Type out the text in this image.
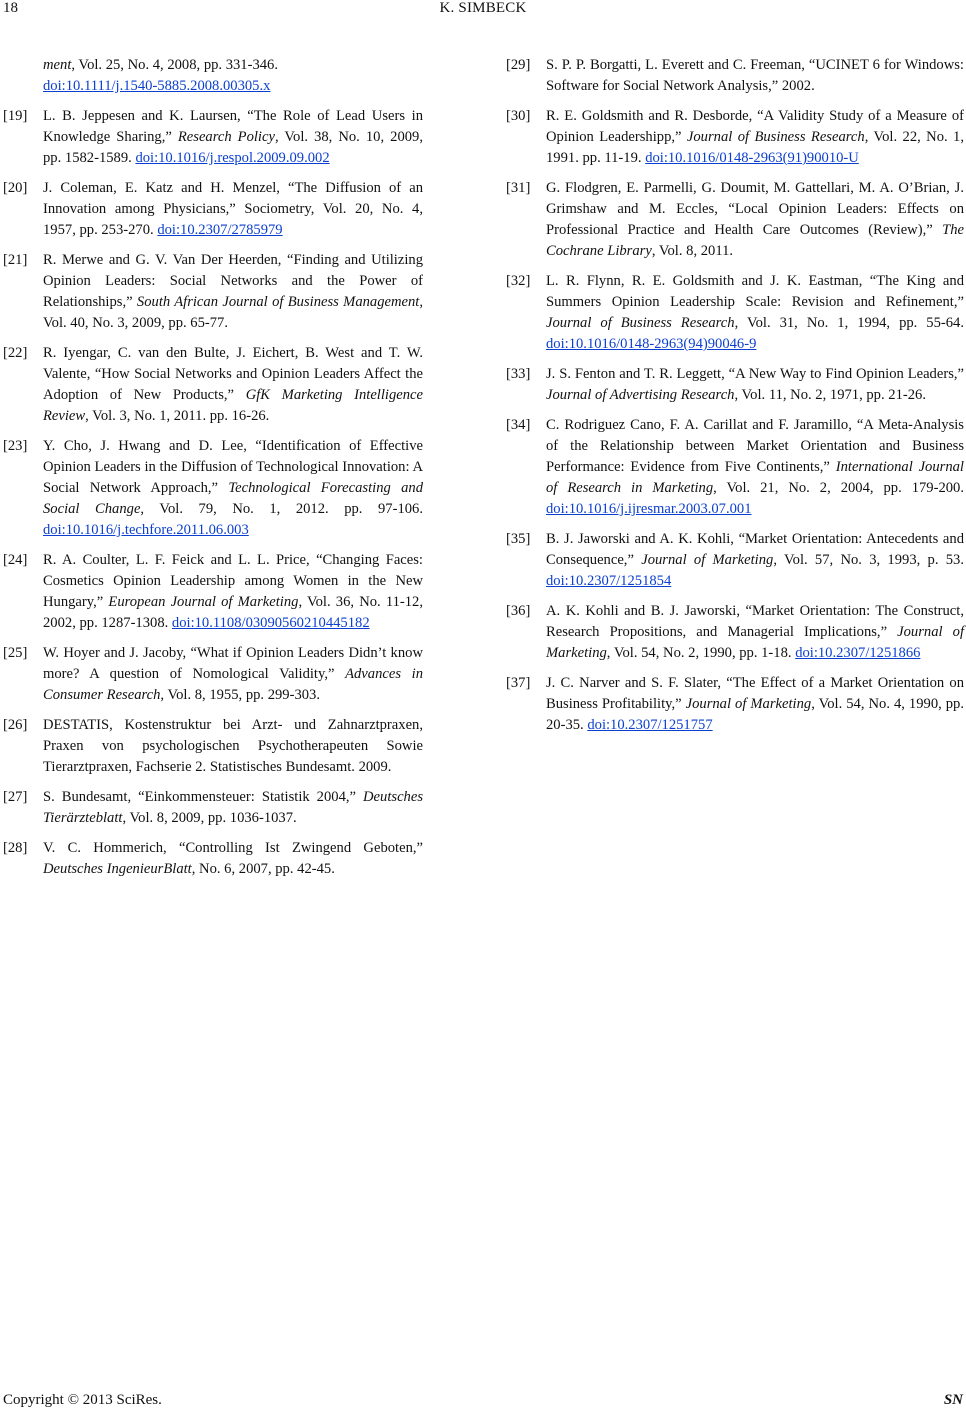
18	K. SIMBECK
ment, Vol. 25, No. 4, 2008, pp. 331-346.
doi:10.1111/j.1540-5885.2008.00305.x
[19] L. B. Jeppesen and K. Laursen, “The Role of Lead Users in Knowledge Sharing,” Research Policy, Vol. 38, No. 10, 2009, pp. 1582-1589. doi:10.1016/j.respol.2009.09.002
[20] J. Coleman, E. Katz and H. Menzel, “The Diffusion of an Innovation among Physicians,” Sociometry, Vol. 20, No. 4, 1957, pp. 253-270. doi:10.2307/2785979
[21] R. Merwe and G. V. Van Der Heerden, “Finding and Utilizing Opinion Leaders: Social Networks and the Power of Relationships,” South African Journal of Business Management, Vol. 40, No. 3, 2009, pp. 65-77.
[22] R. Iyengar, C. van den Bulte, J. Eichert, B. West and T. W. Valente, “How Social Networks and Opinion Leaders Affect the Adoption of New Products,” GfK Marketing Intelligence Review, Vol. 3, No. 1, 2011. pp. 16-26.
[23] Y. Cho, J. Hwang and D. Lee, “Identification of Effective Opinion Leaders in the Diffusion of Technological Innovation: A Social Network Approach,” Technological Forecasting and Social Change, Vol. 79, No. 1, 2012. pp. 97-106. doi:10.1016/j.techfore.2011.06.003
[24] R. A. Coulter, L. F. Feick and L. L. Price, “Changing Faces: Cosmetics Opinion Leadership among Women in the New Hungary,” European Journal of Marketing, Vol. 36, No. 11-12, 2002, pp. 1287-1308. doi:10.1108/03090560210445182
[25] W. Hoyer and J. Jacoby, “What if Opinion Leaders Didn’t know more? A question of Nomological Validity,” Advances in Consumer Research, Vol. 8, 1955, pp. 299-303.
[26] DESTATIS, Kostenstruktur bei Arzt- und Zahnarztpraxen, Praxen von psychologischen Psychotherapeuten Sowie Tierarztpraxen, Fachserie 2. Statistisches Bundesamt. 2009.
[27] S. Bundesamt, “Einkommensteuer: Statistik 2004,” Deutsches Tierärzteblatt, Vol. 8, 2009, pp. 1036-1037.
[28] V. C. Hommerich, “Controlling Ist Zwingend Geboten,” Deutsches IngenieurBlatt, No. 6, 2007, pp. 42-45.
[29] S. P. P. Borgatti, L. Everett and C. Freeman, “UCINET 6 for Windows: Software for Social Network Analysis,” 2002.
[30] R. E. Goldsmith and R. Desborde, “A Validity Study of a Measure of Opinion Leadershipp,” Journal of Business Research, Vol. 22, No. 1, 1991. pp. 11-19. doi:10.1016/0148-2963(91)90010-U
[31] G. Flodgren, E. Parmelli, G. Doumit, M. Gattellari, M. A. O’Brian, J. Grimshaw and M. Eccles, “Local Opinion Leaders: Effects on Professional Practice and Health Care Outcomes (Review),” The Cochrane Library, Vol. 8, 2011.
[32] L. R. Flynn, R. E. Goldsmith and J. K. Eastman, “The King and Summers Opinion Leadership Scale: Revision and Refinement,” Journal of Business Research, Vol. 31, No. 1, 1994, pp. 55-64. doi:10.1016/0148-2963(94)90046-9
[33] J. S. Fenton and T. R. Leggett, “A New Way to Find Opinion Leaders,” Journal of Advertising Research, Vol. 11, No. 2, 1971, pp. 21-26.
[34] C. Rodriguez Cano, F. A. Carillat and F. Jaramillo, “A Meta-Analysis of the Relationship between Market Orientation and Business Performance: Evidence from Five Continents,” International Journal of Research in Marketing, Vol. 21, No. 2, 2004, pp. 179-200. doi:10.1016/j.ijresmar.2003.07.001
[35] B. J. Jaworski and A. K. Kohli, “Market Orientation: Antecedents and Consequence,” Journal of Marketing, Vol. 57, No. 3, 1993, p. 53. doi:10.2307/1251854
[36] A. K. Kohli and B. J. Jaworski, “Market Orientation: The Construct, Research Propositions, and Managerial Implications,” Journal of Marketing, Vol. 54, No. 2, 1990, pp. 1-18. doi:10.2307/1251866
[37] J. C. Narver and S. F. Slater, “The Effect of a Market Orientation on Business Profitability,” Journal of Marketing, Vol. 54, No. 4, 1990, pp. 20-35. doi:10.2307/1251757
Copyright © 2013 SciRes.	SN
